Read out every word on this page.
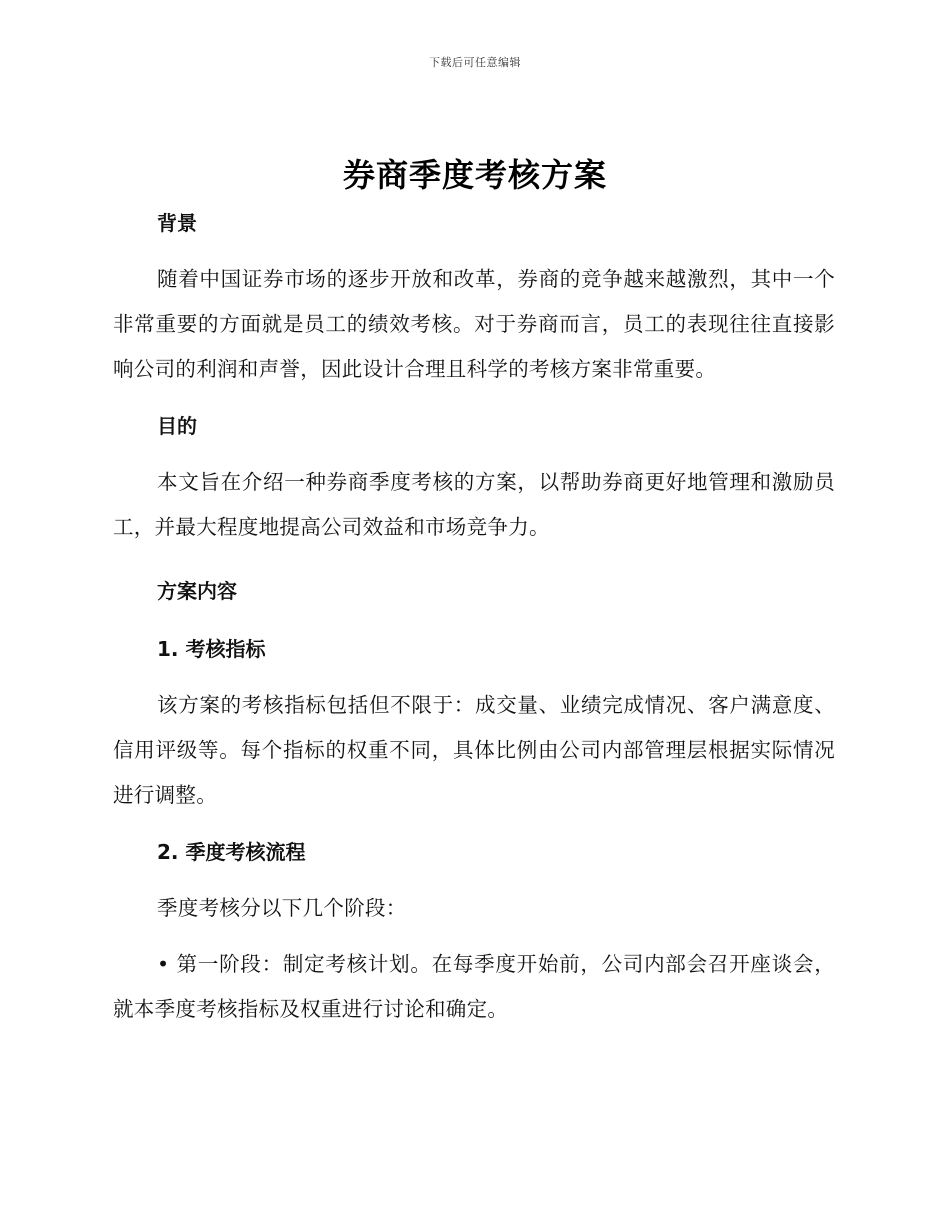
下载后可任意编辑
券商季度考核方案

背景

随着中国证券市场的逐步开放和改革，券商的竞争越来越激烈，其中一个非常重要的方面就是员工的绩效考核。对于券商而言，员工的表现往往直接影响公司的利润和声誉，因此设计合理且科学的考核方案非常重要。

目的

本文旨在介绍一种券商季度考核的方案，以帮助券商更好地管理和激励员工，并最大程度地提高公司效益和市场竞争力。

方案内容

1. 考核指标

该方案的考核指标包括但不限于：成交量、业绩完成情况、客户满意度、信用评级等。每个指标的权重不同，具体比例由公司内部管理层根据实际情况进行调整。

2. 季度考核流程

季度考核分以下几个阶段：

• 第一阶段：制定考核计划。在每季度开始前，公司内部会召开座谈会，就本季度考核指标及权重进行讨论和确定。
